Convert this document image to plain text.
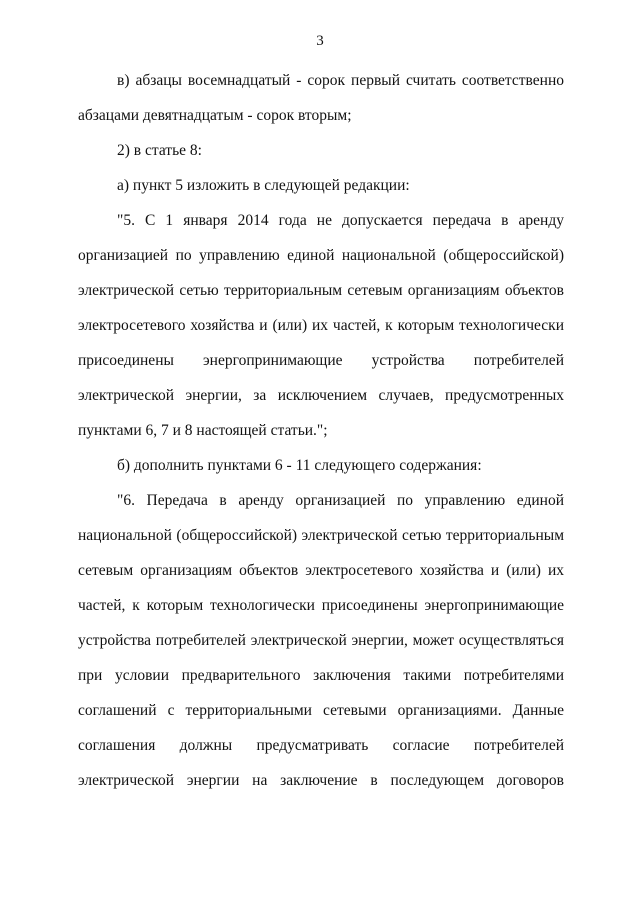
3
в) абзацы восемнадцатый - сорок первый считать соответственно
абзацами девятнадцатым - сорок вторым;
2) в статье 8:
а) пункт 5 изложить в следующей редакции:
"5. С 1 января 2014 года не допускается передача в аренду
организацией по управлению единой национальной (общероссийской)
электрической сетью территориальным сетевым организациям объектов
электросетевого хозяйства и (или) их частей, к которым технологически
присоединены энергопринимающие устройства потребителей
электрической энергии, за исключением случаев, предусмотренных
пунктами 6, 7 и 8 настоящей статьи.";
б) дополнить пунктами 6 - 11 следующего содержания:
"6. Передача в аренду организацией по управлению единой
национальной (общероссийской) электрической сетью территориальным
сетевым организациям объектов электросетевого хозяйства и (или) их
частей, к которым технологически присоединены энергопринимающие
устройства потребителей электрической энергии, может осуществляться
при условии предварительного заключения такими потребителями
соглашений с территориальными сетевыми организациями. Данные
соглашения должны предусматривать согласие потребителей
электрической энергии на заключение в последующем договоров
